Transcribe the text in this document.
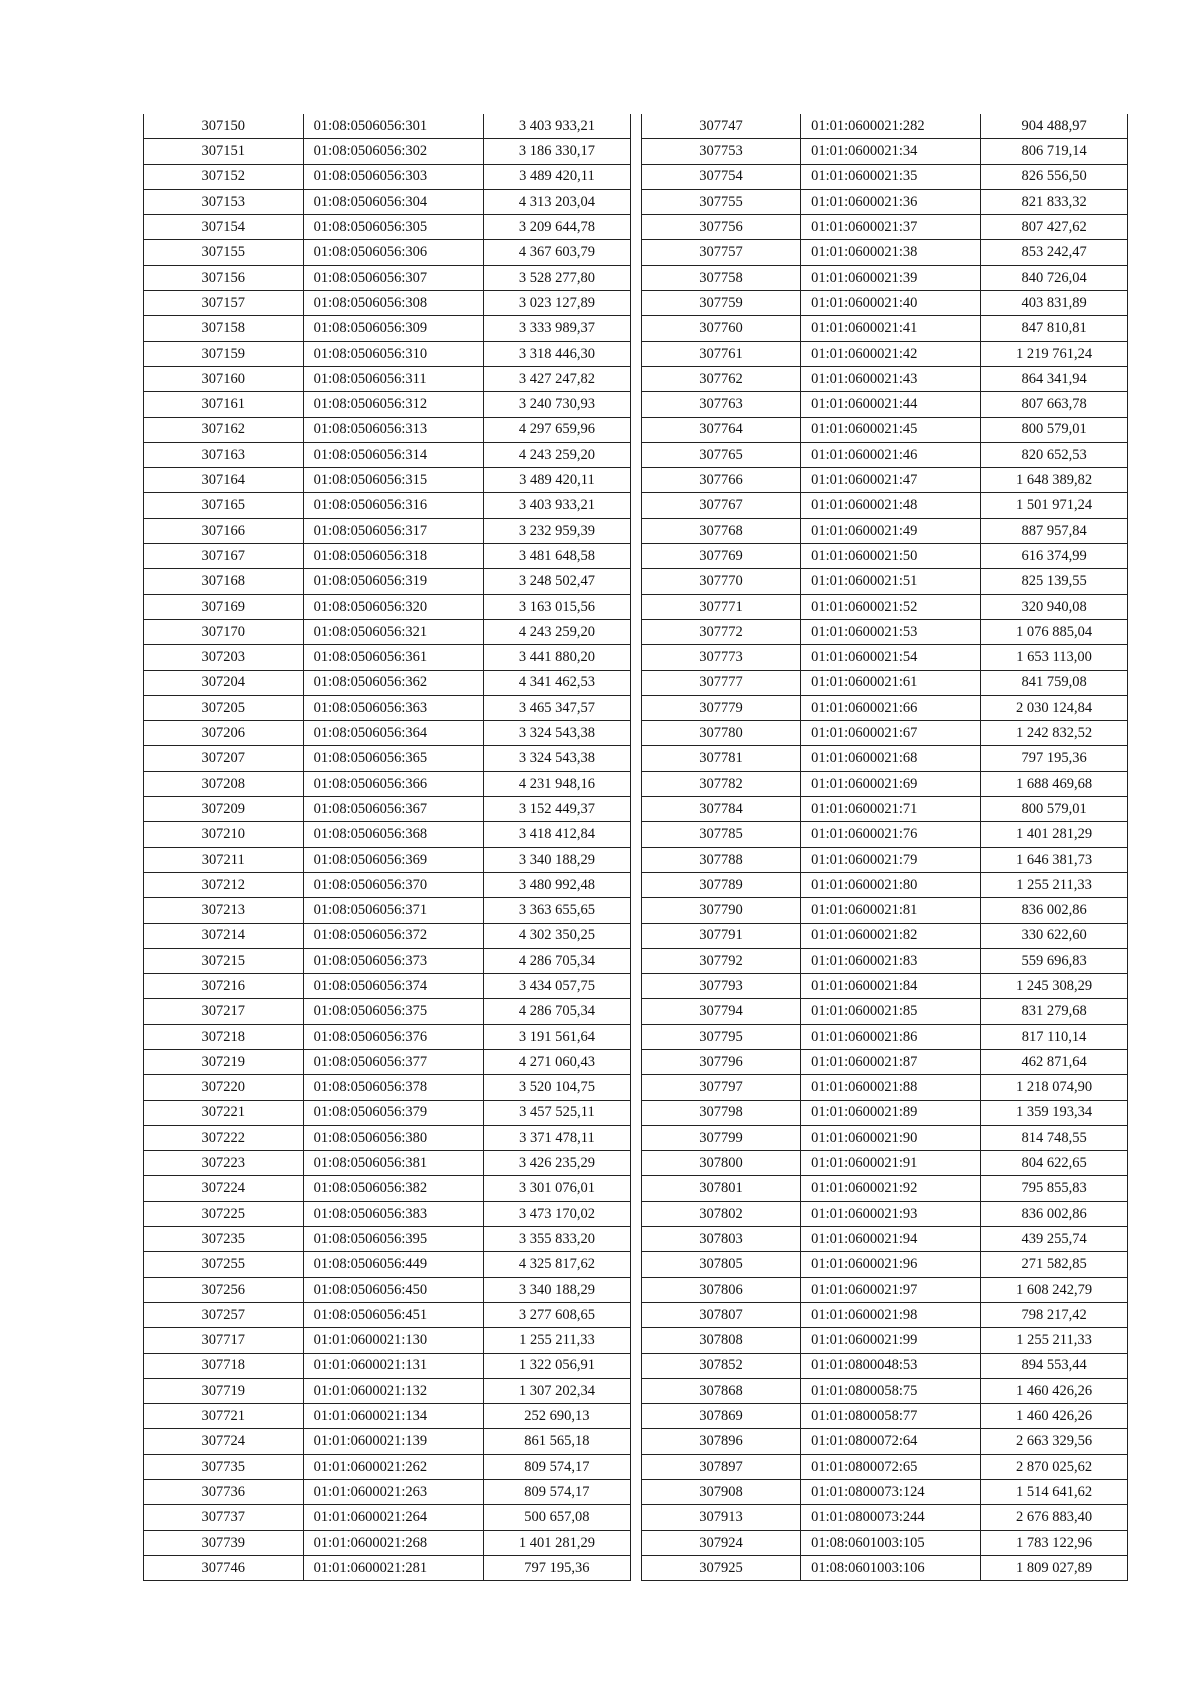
307150	01:08:0506056:301	3 403 933,21
307151	01:08:0506056:302	3 186 330,17
307152	01:08:0506056:303	3 489 420,11
307153	01:08:0506056:304	4 313 203,04
307154	01:08:0506056:305	3 209 644,78
307155	01:08:0506056:306	4 367 603,79
307156	01:08:0506056:307	3 528 277,80
307157	01:08:0506056:308	3 023 127,89
307158	01:08:0506056:309	3 333 989,37
307159	01:08:0506056:310	3 318 446,30
307160	01:08:0506056:311	3 427 247,82
307161	01:08:0506056:312	3 240 730,93
307162	01:08:0506056:313	4 297 659,96
307163	01:08:0506056:314	4 243 259,20
307164	01:08:0506056:315	3 489 420,11
307165	01:08:0506056:316	3 403 933,21
307166	01:08:0506056:317	3 232 959,39
307167	01:08:0506056:318	3 481 648,58
307168	01:08:0506056:319	3 248 502,47
307169	01:08:0506056:320	3 163 015,56
307170	01:08:0506056:321	4 243 259,20
307203	01:08:0506056:361	3 441 880,20
307204	01:08:0506056:362	4 341 462,53
307205	01:08:0506056:363	3 465 347,57
307206	01:08:0506056:364	3 324 543,38
307207	01:08:0506056:365	3 324 543,38
307208	01:08:0506056:366	4 231 948,16
307209	01:08:0506056:367	3 152 449,37
307210	01:08:0506056:368	3 418 412,84
307211	01:08:0506056:369	3 340 188,29
307212	01:08:0506056:370	3 480 992,48
307213	01:08:0506056:371	3 363 655,65
307214	01:08:0506056:372	4 302 350,25
307215	01:08:0506056:373	4 286 705,34
307216	01:08:0506056:374	3 434 057,75
307217	01:08:0506056:375	4 286 705,34
307218	01:08:0506056:376	3 191 561,64
307219	01:08:0506056:377	4 271 060,43
307220	01:08:0506056:378	3 520 104,75
307221	01:08:0506056:379	3 457 525,11
307222	01:08:0506056:380	3 371 478,11
307223	01:08:0506056:381	3 426 235,29
307224	01:08:0506056:382	3 301 076,01
307225	01:08:0506056:383	3 473 170,02
307235	01:08:0506056:395	3 355 833,20
307255	01:08:0506056:449	4 325 817,62
307256	01:08:0506056:450	3 340 188,29
307257	01:08:0506056:451	3 277 608,65
307717	01:01:0600021:130	1 255 211,33
307718	01:01:0600021:131	1 322 056,91
307719	01:01:0600021:132	1 307 202,34
307721	01:01:0600021:134	252 690,13
307724	01:01:0600021:139	861 565,18
307735	01:01:0600021:262	809 574,17
307736	01:01:0600021:263	809 574,17
307737	01:01:0600021:264	500 657,08
307739	01:01:0600021:268	1 401 281,29
307746	01:01:0600021:281	797 195,36
307747	01:01:0600021:282	904 488,97
307753	01:01:0600021:34	806 719,14
307754	01:01:0600021:35	826 556,50
307755	01:01:0600021:36	821 833,32
307756	01:01:0600021:37	807 427,62
307757	01:01:0600021:38	853 242,47
307758	01:01:0600021:39	840 726,04
307759	01:01:0600021:40	403 831,89
307760	01:01:0600021:41	847 810,81
307761	01:01:0600021:42	1 219 761,24
307762	01:01:0600021:43	864 341,94
307763	01:01:0600021:44	807 663,78
307764	01:01:0600021:45	800 579,01
307765	01:01:0600021:46	820 652,53
307766	01:01:0600021:47	1 648 389,82
307767	01:01:0600021:48	1 501 971,24
307768	01:01:0600021:49	887 957,84
307769	01:01:0600021:50	616 374,99
307770	01:01:0600021:51	825 139,55
307771	01:01:0600021:52	320 940,08
307772	01:01:0600021:53	1 076 885,04
307773	01:01:0600021:54	1 653 113,00
307777	01:01:0600021:61	841 759,08
307779	01:01:0600021:66	2 030 124,84
307780	01:01:0600021:67	1 242 832,52
307781	01:01:0600021:68	797 195,36
307782	01:01:0600021:69	1 688 469,68
307784	01:01:0600021:71	800 579,01
307785	01:01:0600021:76	1 401 281,29
307788	01:01:0600021:79	1 646 381,73
307789	01:01:0600021:80	1 255 211,33
307790	01:01:0600021:81	836 002,86
307791	01:01:0600021:82	330 622,60
307792	01:01:0600021:83	559 696,83
307793	01:01:0600021:84	1 245 308,29
307794	01:01:0600021:85	831 279,68
307795	01:01:0600021:86	817 110,14
307796	01:01:0600021:87	462 871,64
307797	01:01:0600021:88	1 218 074,90
307798	01:01:0600021:89	1 359 193,34
307799	01:01:0600021:90	814 748,55
307800	01:01:0600021:91	804 622,65
307801	01:01:0600021:92	795 855,83
307802	01:01:0600021:93	836 002,86
307803	01:01:0600021:94	439 255,74
307805	01:01:0600021:96	271 582,85
307806	01:01:0600021:97	1 608 242,79
307807	01:01:0600021:98	798 217,42
307808	01:01:0600021:99	1 255 211,33
307852	01:01:0800048:53	894 553,44
307868	01:01:0800058:75	1 460 426,26
307869	01:01:0800058:77	1 460 426,26
307896	01:01:0800072:64	2 663 329,56
307897	01:01:0800072:65	2 870 025,62
307908	01:01:0800073:124	1 514 641,62
307913	01:01:0800073:244	2 676 883,40
307924	01:08:0601003:105	1 783 122,96
307925	01:08:0601003:106	1 809 027,89
